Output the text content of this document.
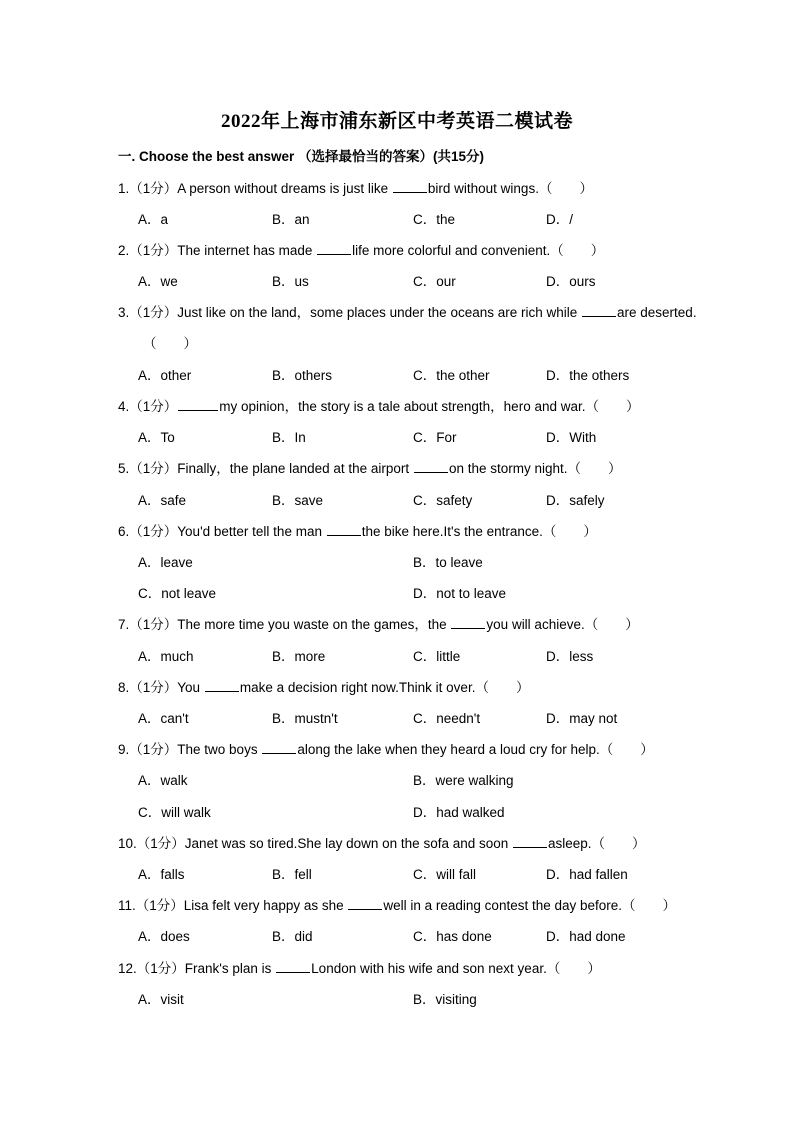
2022年上海市浦东新区中考英语二模试卷
一. Choose the best answer （选择最恰当的答案）(共15分)
1.（1分）A person without dreams is just like	bird without wings.（　　）
A．a	B．an	C．the	D．/
2.（1分）The internet has made	life more colorful and convenient.（　　）
A．we	B．us	C．our	D．ours
3.（1分）Just like on the land，some places under the oceans are rich while	are deserted.
（　　）
A．other	B．others	C．the other	D．the others
4.（1分）	my opinion，the story is a tale about strength，hero and war.（　　）
A．To	B．In	C．For	D．With
5.（1分）Finally，the plane landed at the airport	on the stormy night.（　　）
A．safe	B．save	C．safety	D．safely
6.（1分）You'd better tell the man	the bike here.It's the entrance.（　　）
A．leave	B．to leave
C．not leave	D．not to leave
7.（1分）The more time you waste on the games，the	you will achieve.（　　）
A．much	B．more	C．little	D．less
8.（1分）You	make a decision right now.Think it over.（　　）
A．can't	B．mustn't	C．needn't	D．may not
9.（1分）The two boys	along the lake when they heard a loud cry for help.（　　）
A．walk	B．were walking
C．will walk	D．had walked
10.（1分）Janet was so tired.She lay down on the sofa and soon	asleep.（　　）
A．falls	B．fell	C．will fall	D．had fallen
11.（1分）Lisa felt very happy as she	well in a reading contest the day before.（　　）
A．does	B．did	C．has done	D．had done
12.（1分）Frank's plan is	London with his wife and son next year.（　　）
A．visit	B．visiting
